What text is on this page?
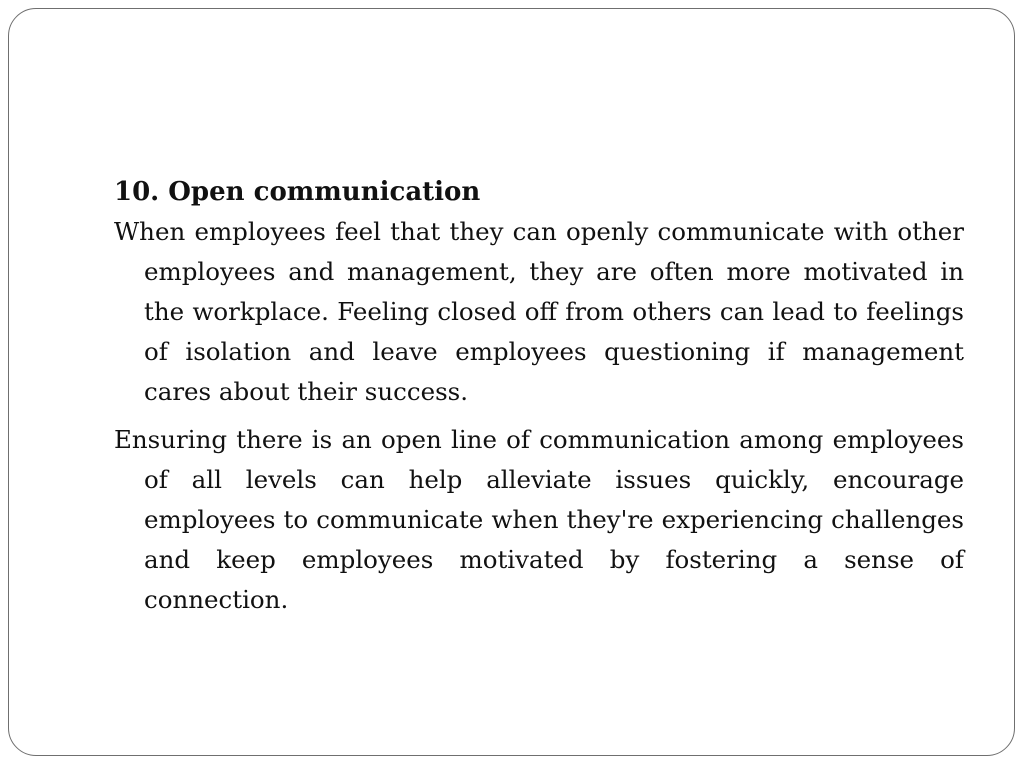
10. Open communication

When employees feel that they can openly communicate with other employees and management, they are often more motivated in the workplace. Feeling closed off from others can lead to feelings of isolation and leave employees questioning if management cares about their success.

Ensuring there is an open line of communication among employees of all levels can help alleviate issues quickly, encourage employees to communicate when they're experiencing challenges and keep employees motivated by fostering a sense of connection.
